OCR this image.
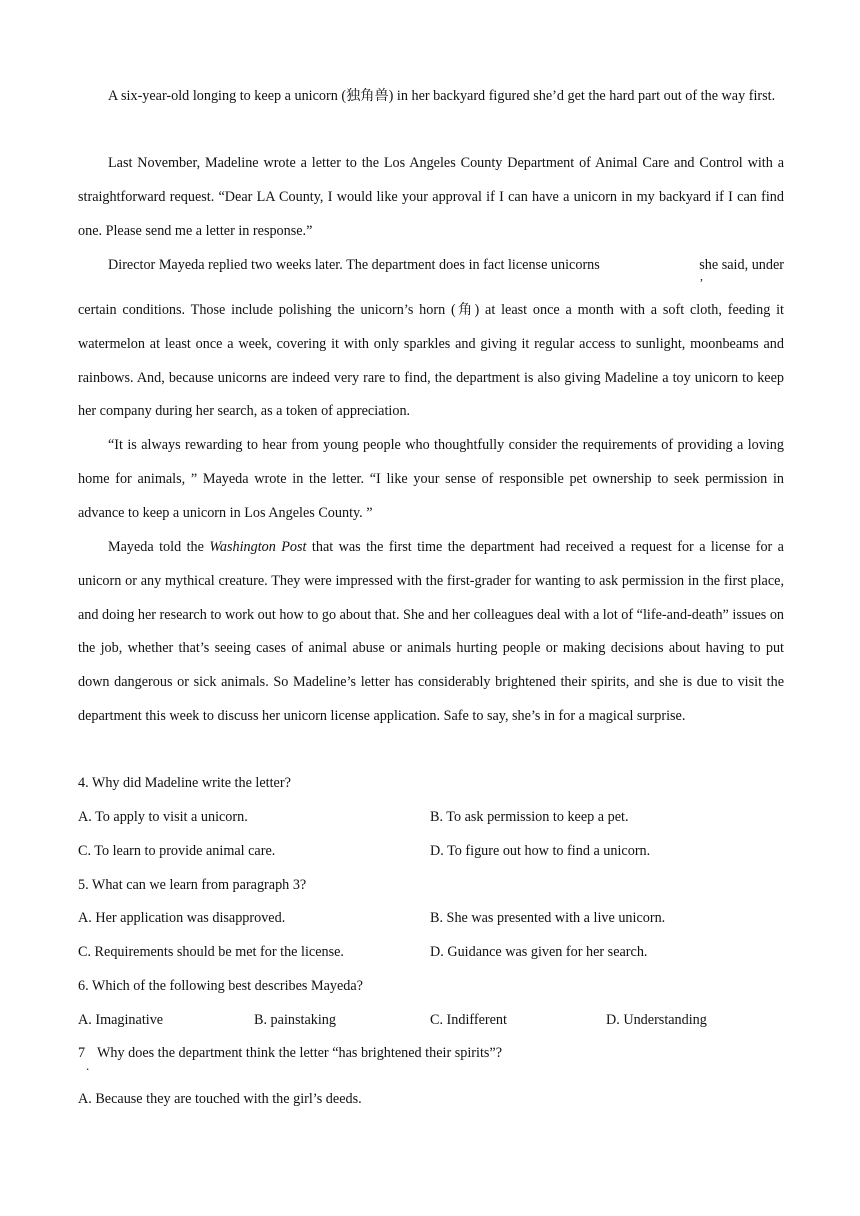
A six-year-old longing to keep a unicorn (独角兽) in her backyard figured she’d get the hard part out of the way first.

Last November, Madeline wrote a letter to the Los Angeles County Department of Animal Care and Control with a straightforward request. “Dear LA County, I would like your approval if I can have a unicorn in my backyard if I can find one. Please send me a letter in response.”

Director Mayeda replied two weeks later. The department does in fact license unicorns
,
she said, under

certain conditions. Those include polishing the unicorn’s horn (角) at least once a month with a soft cloth, feeding it watermelon at least once a week, covering it with only sparkles and giving it regular access to sunlight, moonbeams and rainbows. And, because unicorns are indeed very rare to find, the department is also giving Madeline a toy unicorn to keep her company during her search, as a token of appreciation.

“It is always rewarding to hear from young people who thoughtfully consider the requirements of providing a loving home for animals, ” Mayeda wrote in the letter. “I like your sense of responsible pet ownership to seek permission in advance to keep a unicorn in Los Angeles County. ”

Mayeda told the Washington Post that was the first time the department had received a request for a license for a unicorn or any mythical creature. They were impressed with the first-grader for wanting to ask permission in the first place, and doing her research to work out how to go about that. She and her colleagues deal with a lot of “life-and-death” issues on the job, whether that’s seeing cases of animal abuse or animals hurting people or making decisions about having to put down dangerous or sick animals. So Madeline’s letter has considerably brightened their spirits, and she is due to visit the department this week to discuss her unicorn license application. Safe to say, she’s in for a magical surprise.

4. Why did Madeline write the letter?
A. To apply to visit a unicorn.	B. To ask permission to keep a pet.
C. To learn to provide animal care.	D. To figure out how to find a unicorn.
5. What can we learn from paragraph 3?
A. Her application was disapproved.	B. She was presented with a live unicorn.
C. Requirements should be met for the license.	D. Guidance was given for her search.
6. Which of the following best describes Mayeda?
A. Imaginative	B. painstaking	C. Indifferent	D. Understanding
7
.
Why does the department think the letter “has brightened their spirits”?
A. Because they are touched with the girl’s deeds.
